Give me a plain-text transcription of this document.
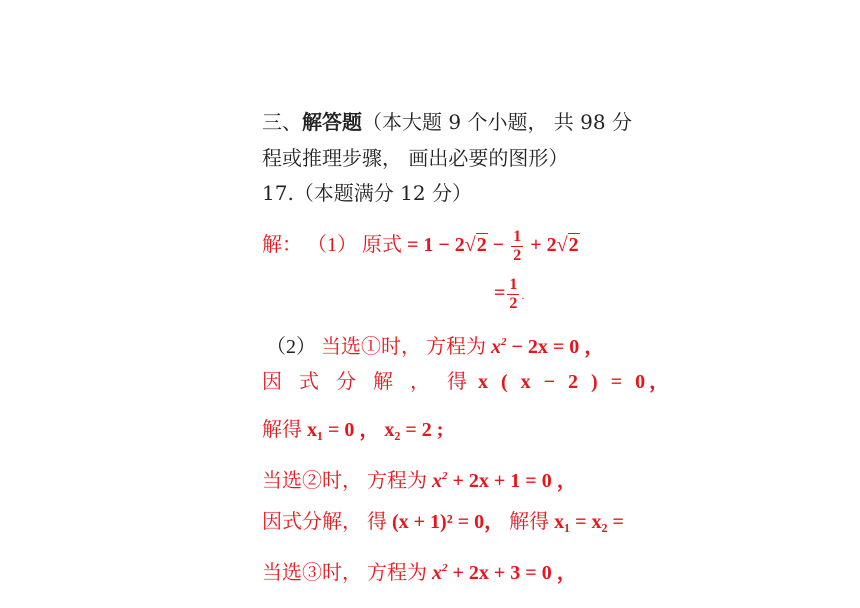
三、解答题（本大题 9 个小题， 共 98 分
程或推理步骤， 画出必要的图形）
17.（本题满分 12 分）
解： （1） 原式 = $1 - 2√2 - \frac{1}{2} + 2√2$
= $\frac{1}{2}$ .
（2） 当选①时， 方程为 $x^2 - 2x = 0$ ，
因 式 分 解 ， 得 x ( x − 2 ) = 0，
解得 x₁ = 0 ， x₂ = 2 ;
当选②时， 方程为 $x^2 + 2x + 1 = 0$ ，
因式分解， 得 (x + 1)² = 0， 解得 x₁ = x₂ =
当选③时， 方程为 $x^2 + 2x + 3 = 0$ ，
